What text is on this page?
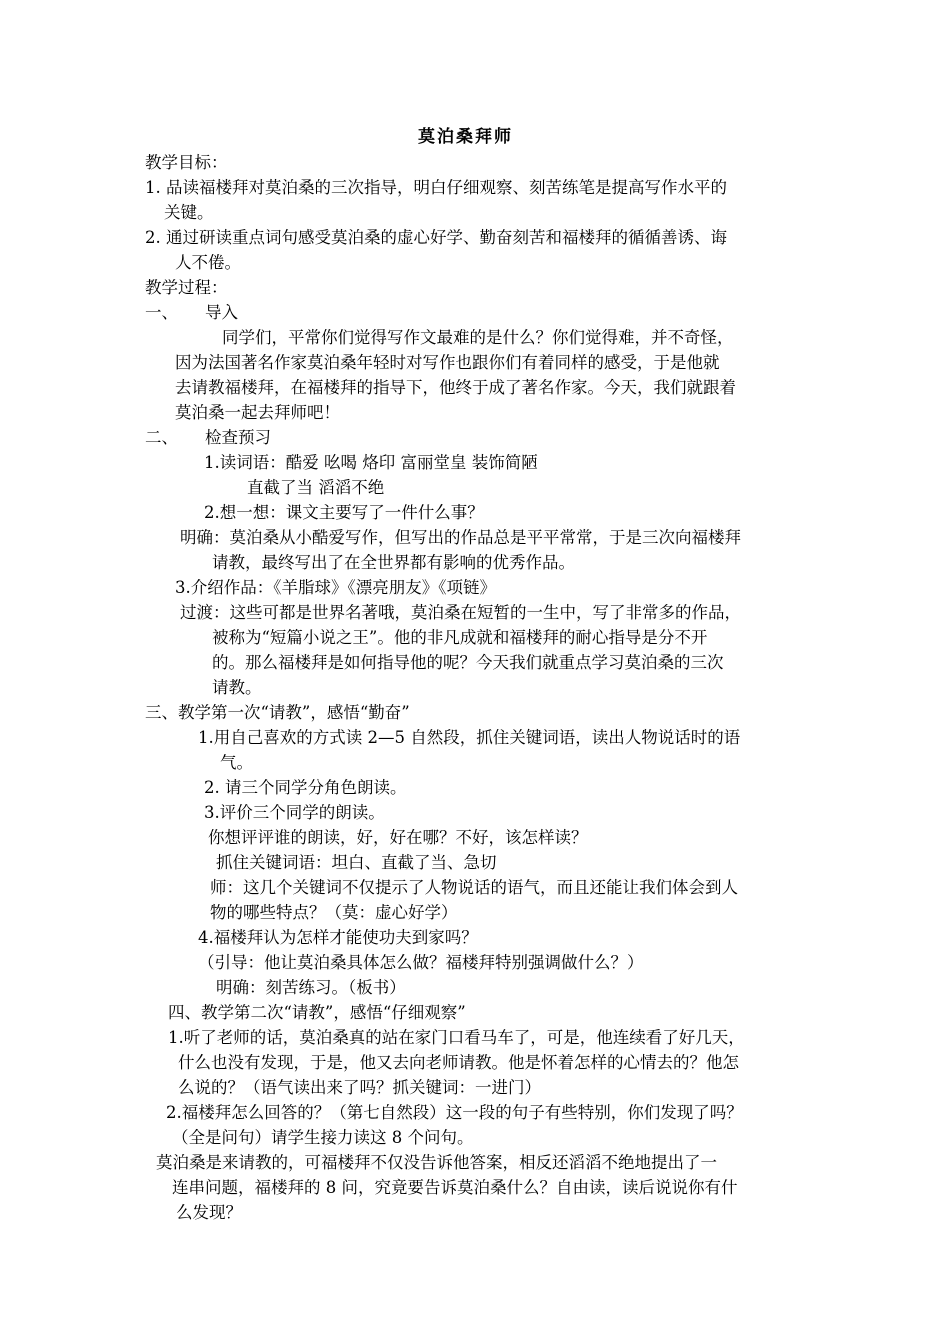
莫泊桑拜师
教学目标：
1. 品读福楼拜对莫泊桑的三次指导，明白仔细观察、刻苦练笔是提高写作水平的
关键。
2. 通过研读重点词句感受莫泊桑的虚心好学、勤奋刻苦和福楼拜的循循善诱、诲
人不倦。
教学过程：
一、 导入
同学们，平常你们觉得写作文最难的是什么？你们觉得难，并不奇怪，
因为法国著名作家莫泊桑年轻时对写作也跟你们有着同样的感受，于是他就
去请教福楼拜，在福楼拜的指导下，他终于成了著名作家。今天，我们就跟着
莫泊桑一起去拜师吧！
二、 检查预习
1.读词语：酷爱 吆喝 烙印 富丽堂皇 装饰简陋
直截了当 滔滔不绝
2.想一想：课文主要写了一件什么事？
明确：莫泊桑从小酷爱写作，但写出的作品总是平平常常，于是三次向福楼拜
请教，最终写出了在全世界都有影响的优秀作品。
3.介绍作品：《羊脂球》《漂亮朋友》《项链》
过渡：这些可都是世界名著哦，莫泊桑在短暂的一生中，写了非常多的作品，
被称为“短篇小说之王”。他的非凡成就和福楼拜的耐心指导是分不开
的。那么福楼拜是如何指导他的呢？今天我们就重点学习莫泊桑的三次
请教。
三、教学第一次“请教”，感悟“勤奋”
1.用自己喜欢的方式读 2—5 自然段，抓住关键词语，读出人物说话时的语
气。
2. 请三个同学分角色朗读。
3.评价三个同学的朗读。
你想评评谁的朗读，好，好在哪？不好，该怎样读？
抓住关键词语：坦白、直截了当、急切
师：这几个关键词不仅提示了人物说话的语气，而且还能让我们体会到人
物的哪些特点？（莫：虚心好学）
4.福楼拜认为怎样才能使功夫到家吗？
（引导：他让莫泊桑具体怎么做？福楼拜特别强调做什么？）
明确：刻苦练习。（板书）
四、教学第二次“请教”，感悟“仔细观察”
1.听了老师的话，莫泊桑真的站在家门口看马车了，可是，他连续看了好几天，
什么也没有发现，于是，他又去向老师请教。他是怀着怎样的心情去的？他怎
么说的？（语气读出来了吗？抓关键词：一进门）
2.福楼拜怎么回答的？（第七自然段）这一段的句子有些特别，你们发现了吗？
（全是问句）请学生接力读这 8 个问句。
莫泊桑是来请教的，可福楼拜不仅没告诉他答案，相反还滔滔不绝地提出了一
连串问题，福楼拜的 8 问，究竟要告诉莫泊桑什么？自由读，读后说说你有什
么发现？
